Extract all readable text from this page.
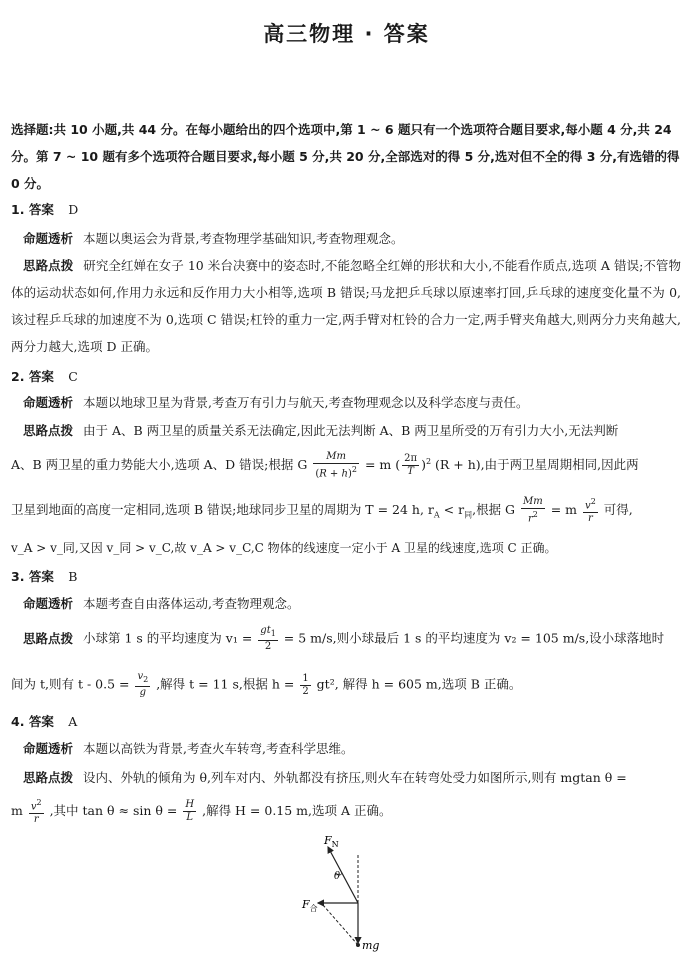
高三物理 · 答案
选择题:共 10 小题,共 44 分。在每小题给出的四个选项中,第 1 ~ 6 题只有一个选项符合题目要求,每小题 4 分,共 24 分。第 7 ~ 10 题有多个选项符合题目要求,每小题 5 分,共 20 分,全部选对的得 5 分,选对但不全的得 3 分,有选错的得 0 分。
1. 答案 D
命题透析 本题以奥运会为背景,考查物理学基础知识,考查物理观念。
思路点拨 研究全红婵在女子 10 米台决赛中的姿态时,不能忽略全红婵的形状和大小,不能看作质点,选项 A 错误;不管物体的运动状态如何,作用力永远和反作用力大小相等,选项 B 错误;马龙把乒乓球以原速率打回,乒乓球的速度变化量不为 0,该过程乒乓球的加速度不为 0,选项 C 错误;杠铃的重力一定,两手臂对杠铃的合力一定,两手臂夹角越大,则两分力夹角越大,两分力越大,选项 D 正确。
2. 答案 C
命题透析 本题以地球卫星为背景,考查万有引力与航天,考查物理观念以及科学态度与责任。
思路点拨 由于 A、B 两卫星的质量关系无法确定,因此无法判断 A、B 两卫星所受的万有引力大小,无法判断
A、B 两卫星的重力势能大小,选项 A、D 错误;根据 G $\frac{Mm}{(R + h)^2} = m$ ( $\frac{2\pi}{T} )^2$ (R + h),由于两卫星周期相同,因此两
卫星到地面的高度一定相同,选项 B 错误;地球同步卫星的周期为 T = 24 h, $r_A < r_同$,根据 G $\frac{Mm}{r^2} = m \frac{v^2}{r}$ 可得,
v_A > v_同,又因 v_同 > v_C,故 v_A > v_C,C 物体的线速度一定小于 A 卫星的线速度,选项 C 正确。
3. 答案 B
命题透析 本题考查自由落体运动,考查物理观念。
思路点拨 小球第 1 s 的平均速度为 $v_1 = \frac{gt_1}{2} = 5$ m/s,则小球最后 1 s 的平均速度为 v₂ = 105 m/s,设小球落地时
间为 t,则有 $t - 0.5 = \frac{v_2}{g}$ ,解得 t = 11 s,根据 $h = \frac{1}{2} gt^2$, 解得 h = 605 m,选项 B 正确。
4. 答案 A
命题透析 本题以高铁为背景,考查火车转弯,考查科学思维。
思路点拨 设内、外轨的倾角为 θ,列车对内、外轨都没有挤压,则火车在转弯处受力如图所示,则有 mgtan θ =
m $\frac{v^2}{r}$ ,其中 $\tan \theta \approx \sin \theta = \frac{H}{L}$ ,解得 H = 0.15 m,选项 A 正确。
$F_N$
θ
$F_合$
mg
